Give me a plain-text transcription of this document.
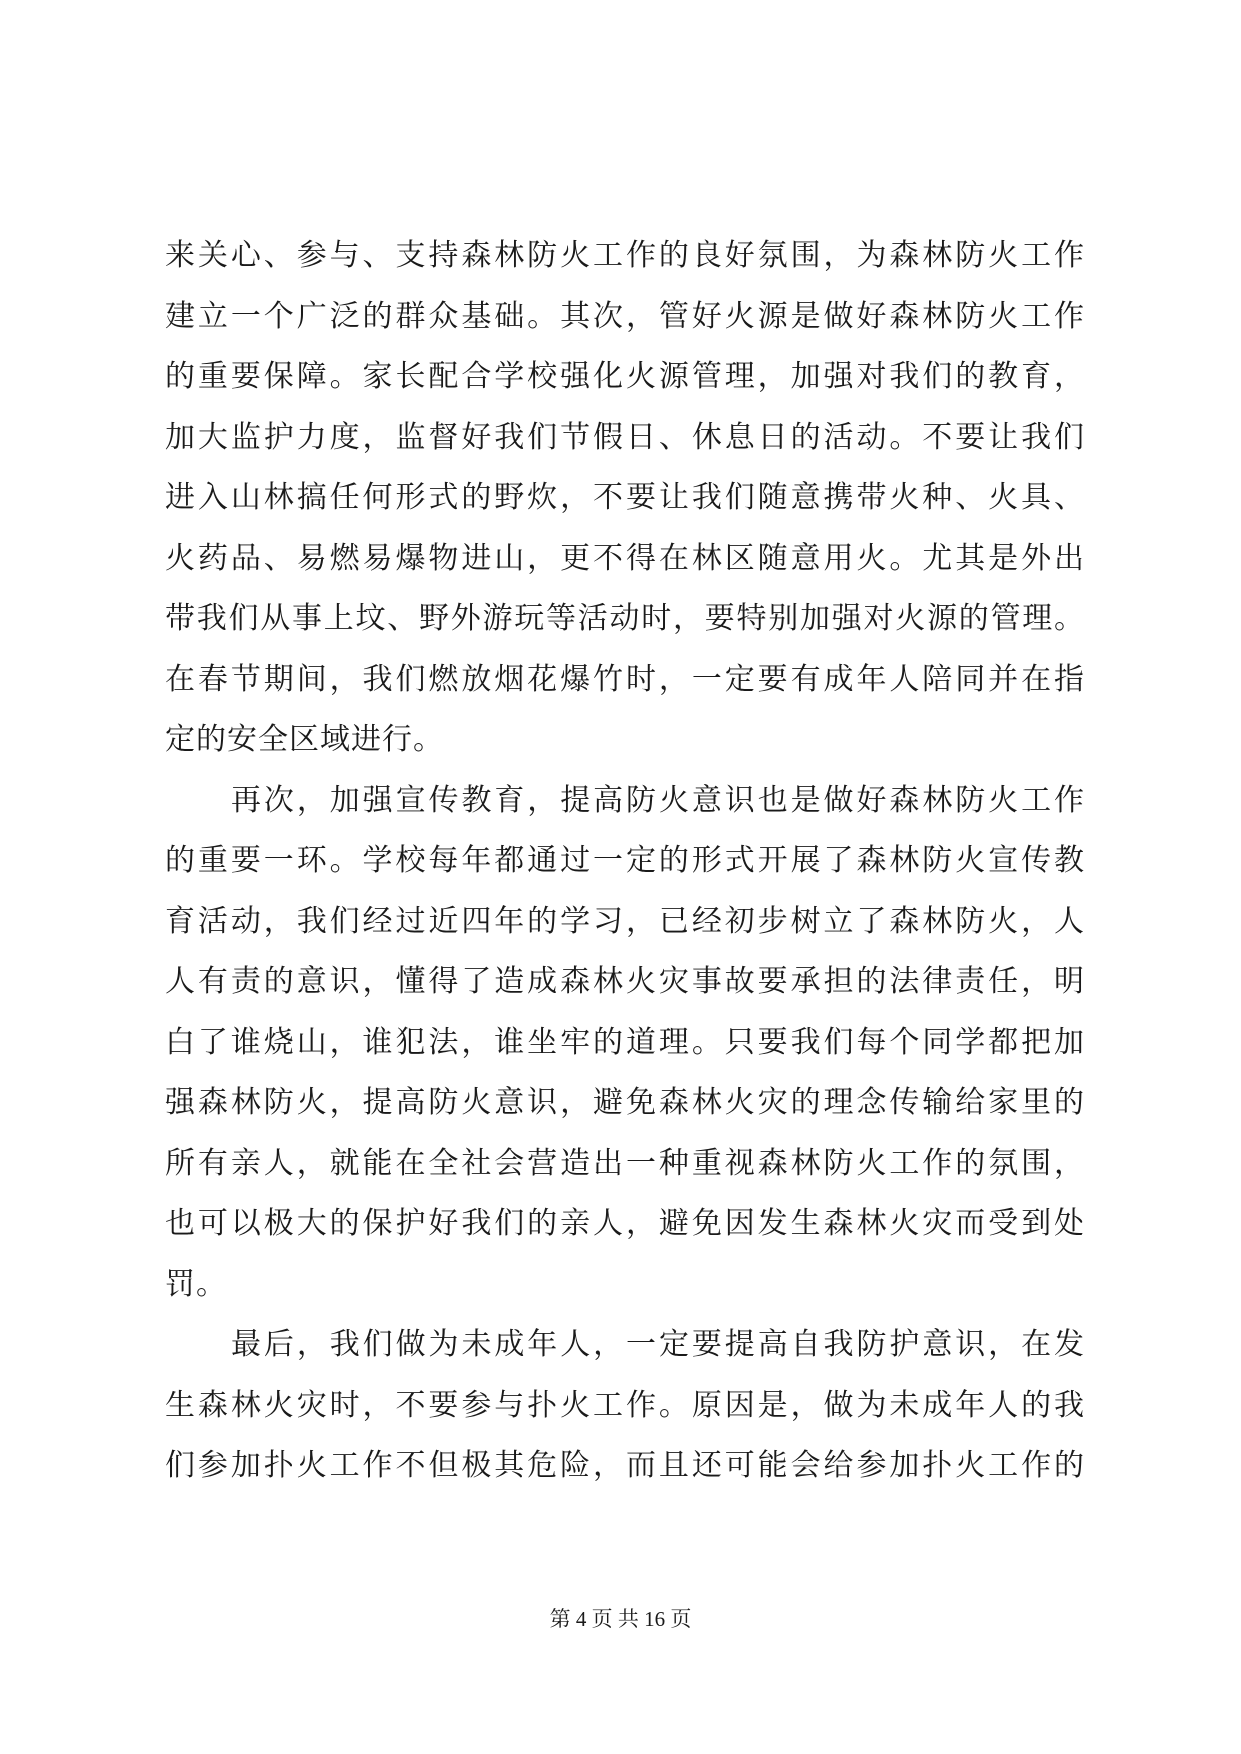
来关心、参与、支持森林防火工作的良好氛围，为森林防火工作
建立一个广泛的群众基础。其次，管好火源是做好森林防火工作
的重要保障。家长配合学校强化火源管理，加强对我们的教育，
加大监护力度，监督好我们节假日、休息日的活动。不要让我们
进入山林搞任何形式的野炊，不要让我们随意携带火种、火具、
火药品、易燃易爆物进山，更不得在林区随意用火。尤其是外出
带我们从事上坟、野外游玩等活动时，要特别加强对火源的管理。
在春节期间，我们燃放烟花爆竹时，一定要有成年人陪同并在指
定的安全区域进行。
再次，加强宣传教育，提高防火意识也是做好森林防火工作
的重要一环。学校每年都通过一定的形式开展了森林防火宣传教
育活动，我们经过近四年的学习，已经初步树立了森林防火，人
人有责的意识，懂得了造成森林火灾事故要承担的法律责任，明
白了谁烧山，谁犯法，谁坐牢的道理。只要我们每个同学都把加
强森林防火，提高防火意识，避免森林火灾的理念传输给家里的
所有亲人，就能在全社会营造出一种重视森林防火工作的氛围，
也可以极大的保护好我们的亲人，避免因发生森林火灾而受到处
罚。
最后，我们做为未成年人，一定要提高自我防护意识，在发
生森林火灾时，不要参与扑火工作。原因是，做为未成年人的我
们参加扑火工作不但极其危险，而且还可能会给参加扑火工作的
第 4 页 共 16 页
